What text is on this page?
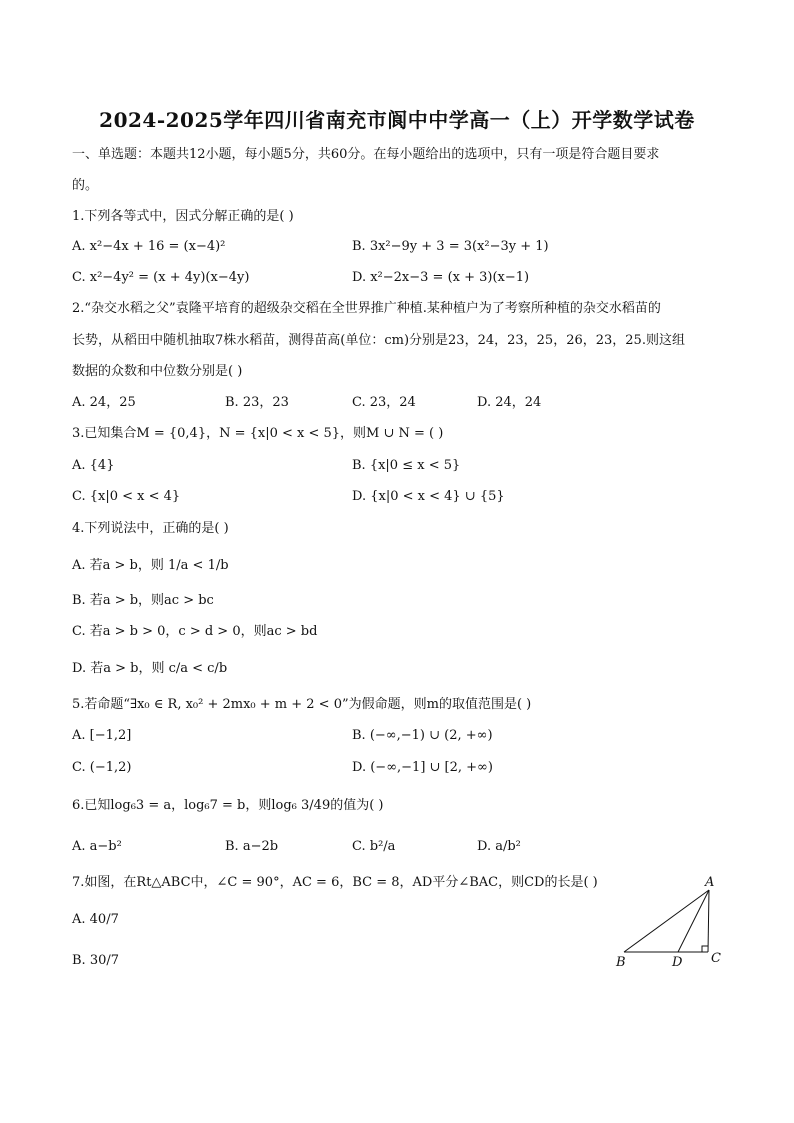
2024-2025学年四川省南充市阆中中学高一（上）开学数学试卷
一、单选题：本题共12小题，每小题5分，共60分。在每小题给出的选项中，只有一项是符合题目要求
的。
1.下列各等式中，因式分解正确的是( )
A. x²−4x + 16 = (x−4)²	B. 3x²−9y + 3 = 3(x²−3y + 1)
C. x²−4y² = (x + 4y)(x−4y)	D. x²−2x−3 = (x + 3)(x−1)
2.“杂交水稻之父”袁隆平培育的超级杂交稻在全世界推广种植.某种植户为了考察所种植的杂交水稻苗的
长势，从稻田中随机抽取7株水稻苗，测得苗高(单位：cm)分别是23，24，23，25，26，23，25.则这组
数据的众数和中位数分别是( )
A. 24，25	B. 23，23	C. 23，24	D. 24，24
3.已知集合M = {0,4}，N = {x|0 < x < 5}，则M ∪ N = ( )
A. {4}	B. {x|0 ≤ x < 5}
C. {x|0 < x < 4}	D. {x|0 < x < 4} ∪ {5}
4.下列说法中，正确的是( )
A. 若a > b，则 1/a < 1/b
B. 若a > b，则ac > bc
C. 若a > b > 0，c > d > 0，则ac > bd
D. 若a > b，则 c/a < c/b
5.若命题“∃x₀ ∈ R, x₀² + 2mx₀ + m + 2 < 0”为假命题，则m的取值范围是( )
A. [−1,2]	B. (−∞,−1) ∪ (2, +∞)
C. (−1,2)	D. (−∞,−1] ∪ [2, +∞)
6.已知log₆3 = a，log₆7 = b，则log₆ 3/49的值为( )
A. a−b²	B. a−2b	C. b²/a	D. a/b²
7.如图，在Rt△ABC中，∠C = 90°，AC = 6，BC = 8，AD平分∠BAC，则CD的长是( )
A. 40/7
B. 30/7
A
B	D C
